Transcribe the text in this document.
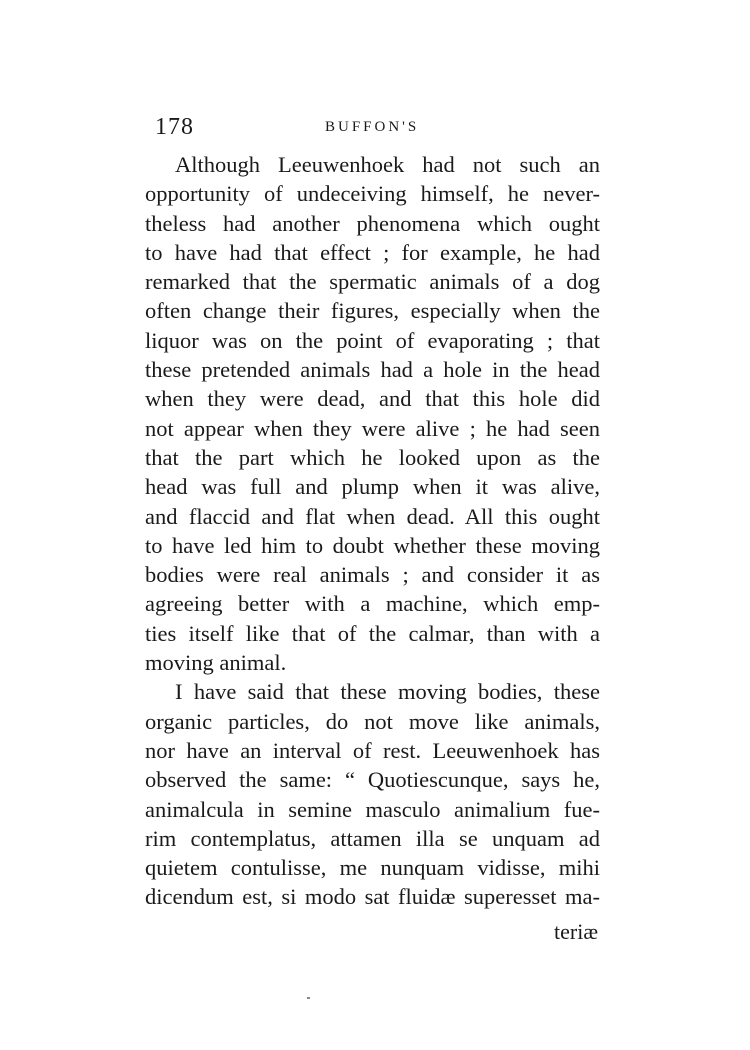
178	BUFFON'S
Although Leeuwenhoek had not such an
opportunity of undeceiving himself, he never-
theless had another phenomena which ought
to have had that effect ; for example, he had
remarked that the spermatic animals of a dog
often change their figures, especially when the
liquor was on the point of evaporating ; that
these pretended animals had a hole in the head
when they were dead, and that this hole did
not appear when they were alive ; he had seen
that the part which he looked upon as the
head was full and plump when it was alive,
and flaccid and flat when dead. All this ought
to have led him to doubt whether these moving
bodies were real animals ; and consider it as
agreeing better with a machine, which emp-
ties itself like that of the calmar, than with a
moving animal.
I have said that these moving bodies, these
organic particles, do not move like animals,
nor have an interval of rest. Leeuwenhoek has
observed the same: “ Quotiescunque, says he,
animalcula in semine masculo animalium fue-
rim contemplatus, attamen illa se unquam ad
quietem contulisse, me nunquam vidisse, mihi
dicendum est, si modo sat fluidæ superesset ma-
teriæ
